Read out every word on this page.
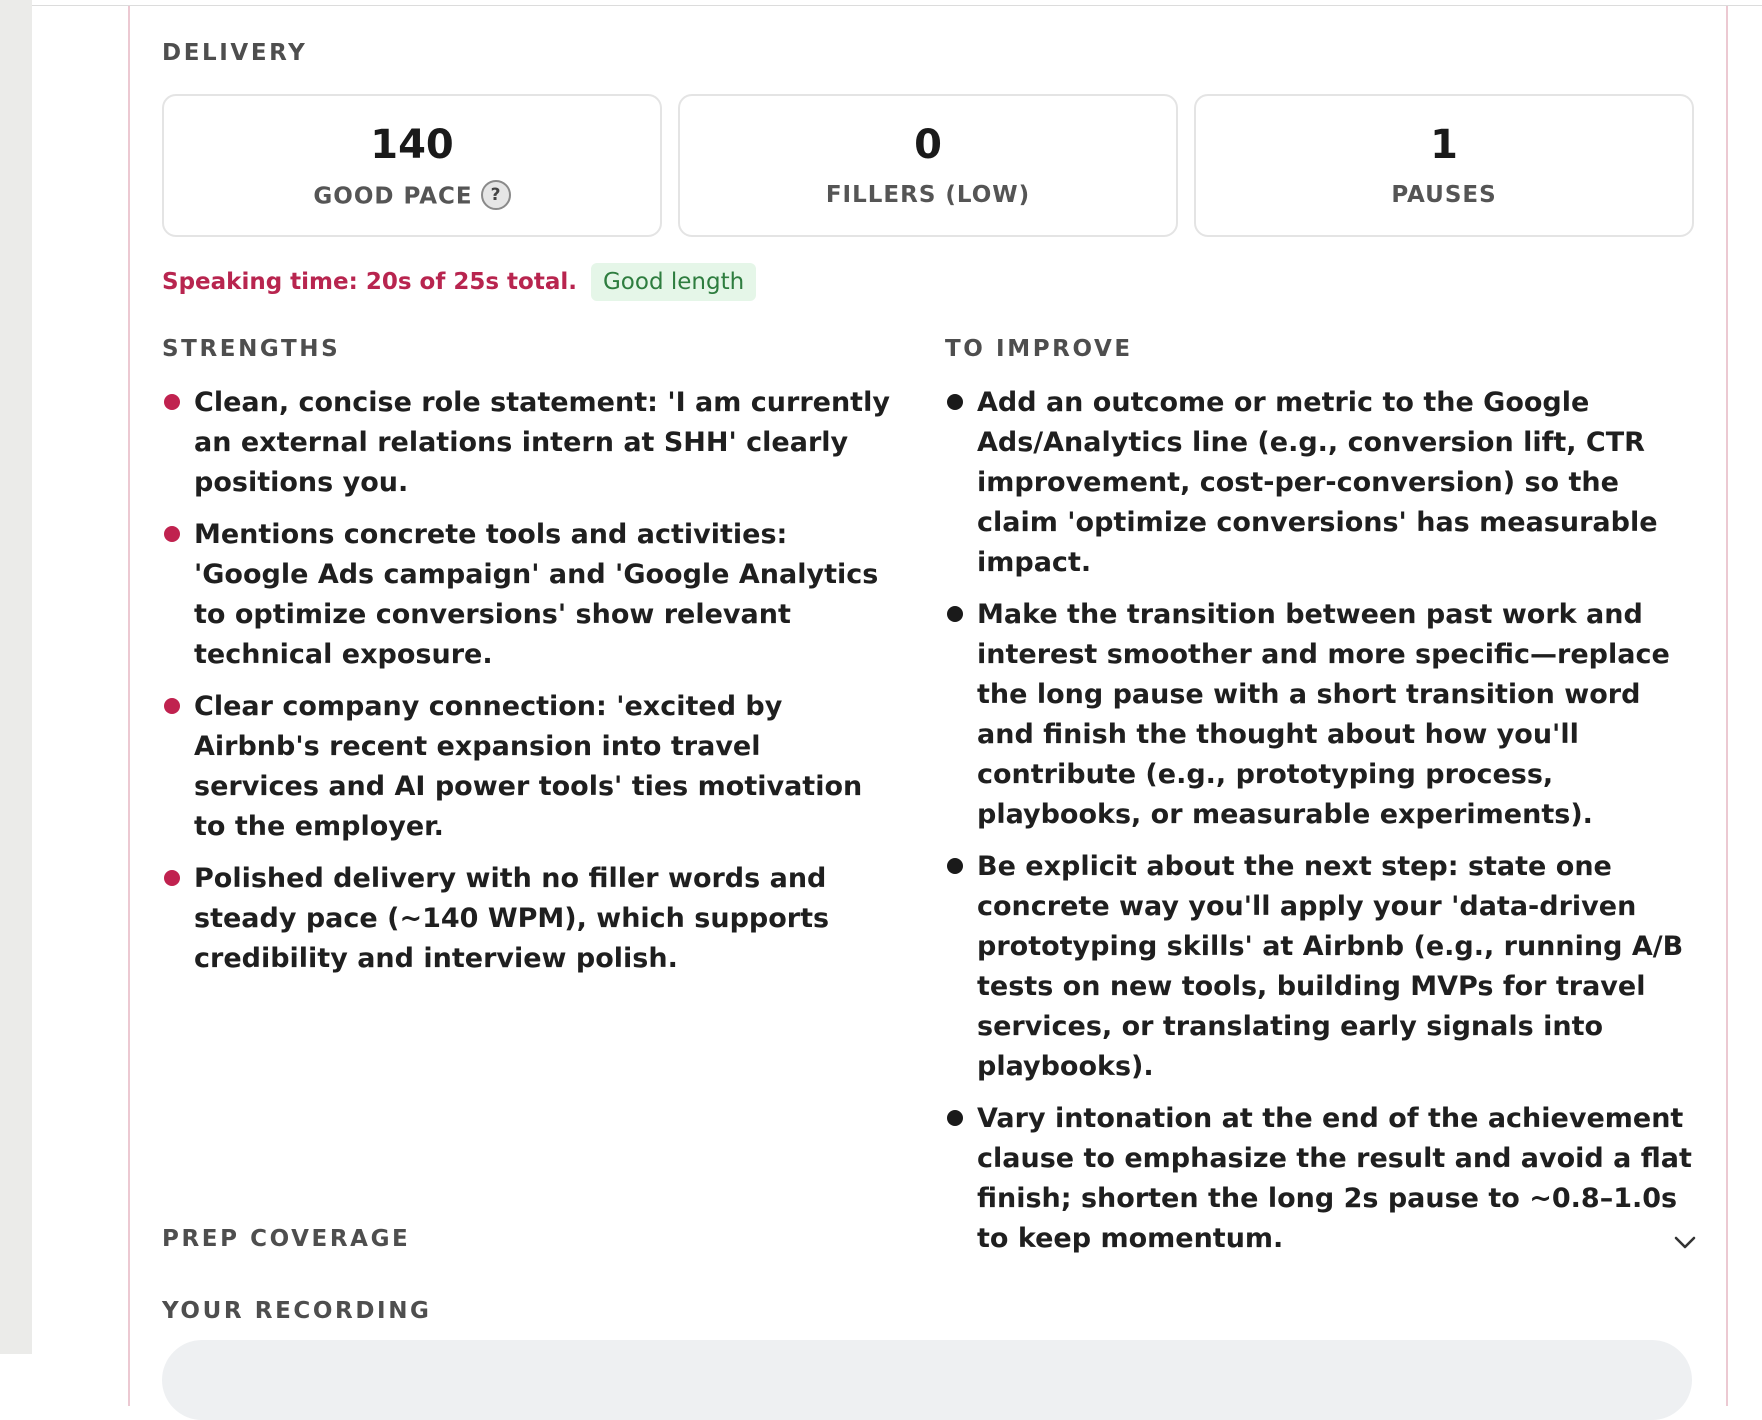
DELIVERY
140
GOOD PACE ?
0
FILLERS (LOW)
1
PAUSES
Speaking time: 20s of 25s total.	Good length
STRENGTHS
Clean, concise role statement: 'I am currently an external relations intern at SHH' clearly positions you.
Mentions concrete tools and activities: 'Google Ads campaign' and 'Google Analytics to optimize conversions' show relevant technical exposure.
Clear company connection: 'excited by Airbnb's recent expansion into travel services and AI power tools' ties motivation to the employer.
Polished delivery with no filler words and steady pace (~140 WPM), which supports credibility and interview polish.
TO IMPROVE
Add an outcome or metric to the Google Ads/Analytics line (e.g., conversion lift, CTR improvement, cost-per-conversion) so the claim 'optimize conversions' has measurable impact.
Make the transition between past work and interest smoother and more specific—replace the long pause with a short transition word and finish the thought about how you'll contribute (e.g., prototyping process, playbooks, or measurable experiments).
Be explicit about the next step: state one concrete way you'll apply your 'data-driven prototyping skills' at Airbnb (e.g., running A/B tests on new tools, building MVPs for travel services, or translating early signals into playbooks).
Vary intonation at the end of the achievement clause to emphasize the result and avoid a flat finish; shorten the long 2s pause to ~0.8–1.0s to keep momentum.
PREP COVERAGE
YOUR RECORDING
